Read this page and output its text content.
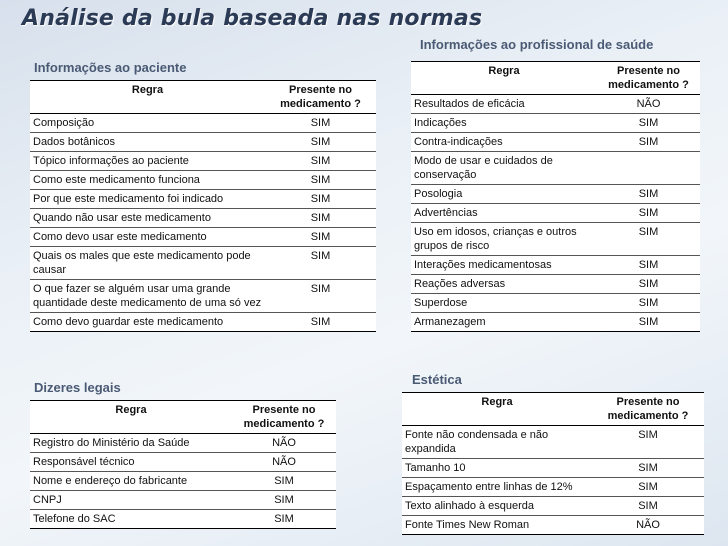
Análise da bula baseada nas normas
Informações ao paciente
Regra	Presente no medicamento ?
Composição	SIM
Dados botânicos	SIM
Tópico informações ao paciente	SIM
Como este medicamento funciona	SIM
Por que este medicamento foi indicado	SIM
Quando não usar este medicamento	SIM
Como devo usar este medicamento	SIM
Quais os males que este medicamento pode causar	SIM
O que fazer se alguém usar uma grande quantidade deste medicamento de uma só vez	SIM
Como devo guardar este medicamento	SIM
Informações ao profissional de saúde
Regra	Presente no medicamento ?
Resultados de eficácia	NÃO
Indicações	SIM
Contra-indicações	SIM
Modo de usar e cuidados de conservação	
Posologia	SIM
Advertências	SIM
Uso em idosos, crianças e outros grupos de risco	SIM
Interações medicamentosas	SIM
Reações adversas	SIM
Superdose	SIM
Armanezagem	SIM
Dizeres legais
Regra	Presente no medicamento ?
Registro do Ministério da Saúde	NÃO
Responsável técnico	NÃO
Nome e endereço do fabricante	SIM
CNPJ	SIM
Telefone do SAC	SIM
Estética
Regra	Presente no medicamento ?
Fonte não condensada e não expandida	SIM
Tamanho 10	SIM
Espaçamento entre linhas de 12%	SIM
Texto alinhado à esquerda	SIM
Fonte Times New Roman	NÃO
